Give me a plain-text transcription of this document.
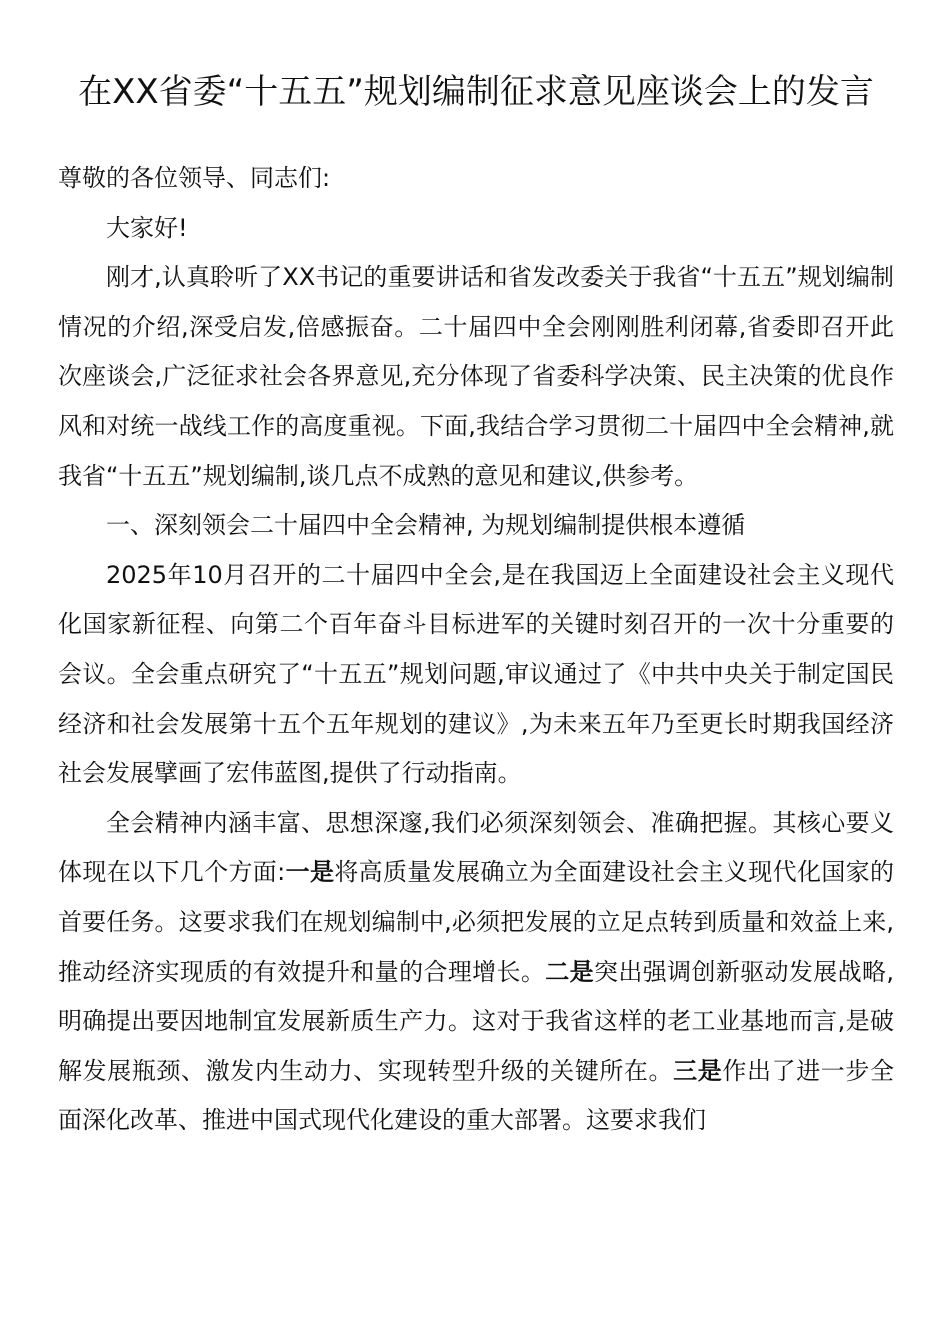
在XX省委“十五五”规划编制征求意见座谈会上的发言

尊敬的各位领导、同志们:

大家好!

刚才,认真聆听了XX书记的重要讲话和省发改委关于我省“十五五”规划编制情况的介绍,深受启发,倍感振奋。二十届四中全会刚刚胜利闭幕,省委即召开此次座谈会,广泛征求社会各界意见,充分体现了省委科学决策、民主决策的优良作风和对统一战线工作的高度重视。下面,我结合学习贯彻二十届四中全会精神,就我省“十五五”规划编制,谈几点不成熟的意见和建议,供参考。

一、深刻领会二十届四中全会精神, 为规划编制提供根本遵循

2025年10月召开的二十届四中全会,是在我国迈上全面建设社会主义现代化国家新征程、向第二个百年奋斗目标进军的关键时刻召开的一次十分重要的会议。全会重点研究了“十五五”规划问题,审议通过了《中共中央关于制定国民经济和社会发展第十五个五年规划的建议》,为未来五年乃至更长时期我国经济社会发展擘画了宏伟蓝图,提供了行动指南。

全会精神内涵丰富、思想深邃,我们必须深刻领会、准确把握。其核心要义体现在以下几个方面:一是将高质量发展确立为全面建设社会主义现代化国家的首要任务。这要求我们在规划编制中,必须把发展的立足点转到质量和效益上来,推动经济实现质的有效提升和量的合理增长。二是突出强调创新驱动发展战略,明确提出要因地制宜发展新质生产力。这对于我省这样的老工业基地而言,是破解发展瓶颈、激发内生动力、实现转型升级的关键所在。三是作出了进一步全面深化改革、推进中国式现代化建设的重大部署。这要求我们
